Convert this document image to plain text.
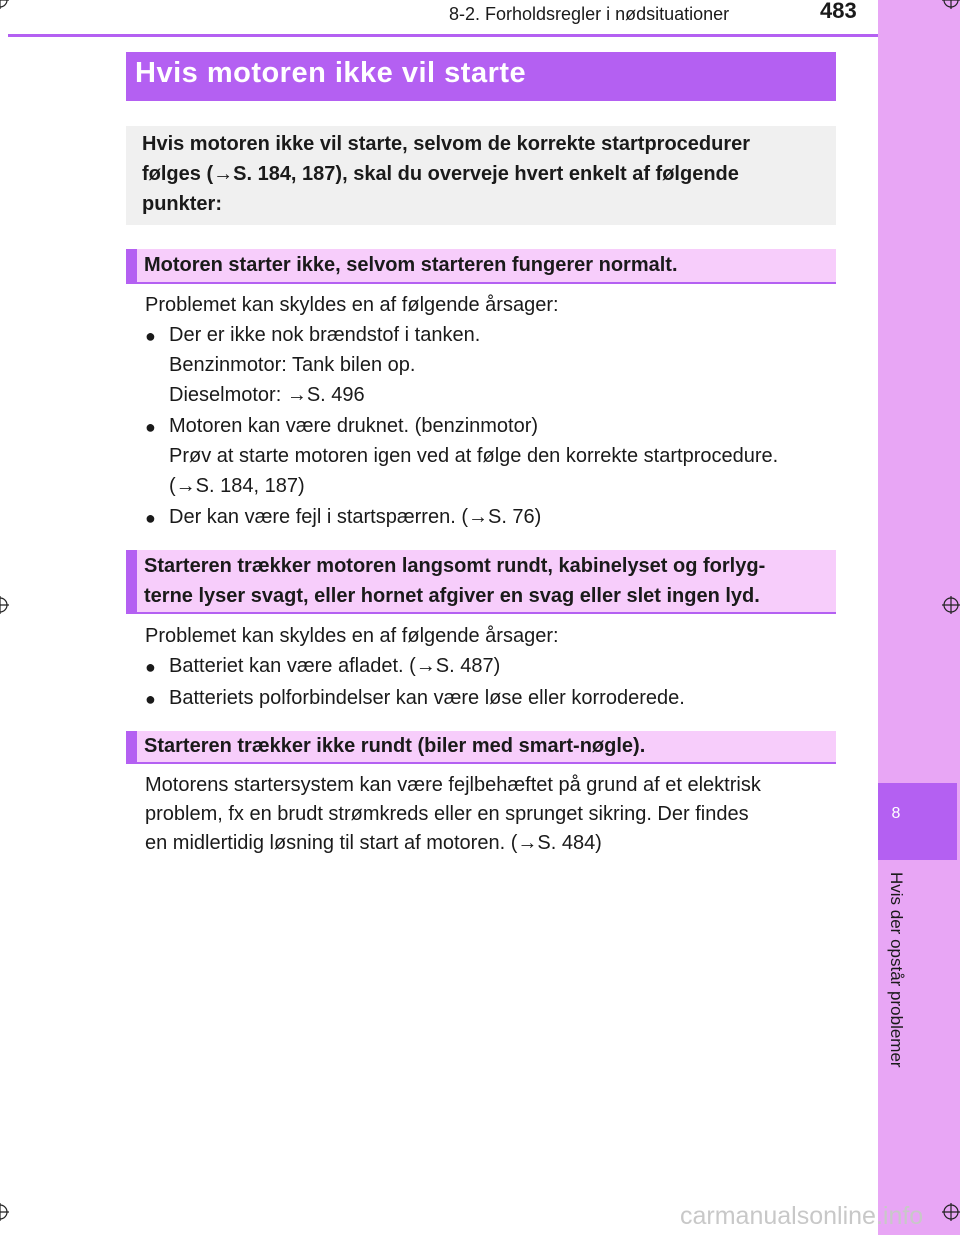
8
Hvis der opstår problemer
8-2. Forholdsregler i nødsituationer	483
Hvis motoren ikke vil starte
Hvis motoren ikke vil starte, selvom de korrekte startprocedurer
følges (→S. 184, 187), skal du overveje hvert enkelt af følgende
punkter:
Motoren starter ikke, selvom starteren fungerer normalt.
Problemet kan skyldes en af følgende årsager:
● Der er ikke nok brændstof i tanken.
Benzinmotor: Tank bilen op.
Dieselmotor: →S. 496
● Motoren kan være druknet. (benzinmotor)
Prøv at starte motoren igen ved at følge den korrekte startprocedure.
(→S. 184, 187)
● Der kan være fejl i startspærren. (→S. 76)
Starteren trækker motoren langsomt rundt, kabinelyset og forlyg-
terne lyser svagt, eller hornet afgiver en svag eller slet ingen lyd.
Problemet kan skyldes en af følgende årsager:
● Batteriet kan være afladet. (→S. 487)
● Batteriets polforbindelser kan være løse eller korroderede.
Starteren trækker ikke rundt (biler med smart-nøgle).
Motorens startersystem kan være fejlbehæftet på grund af et elektrisk
problem, fx en brudt strømkreds eller en sprunget sikring. Der findes
en midlertidig løsning til start af motoren. (→S. 484)
carmanualsonline.info
